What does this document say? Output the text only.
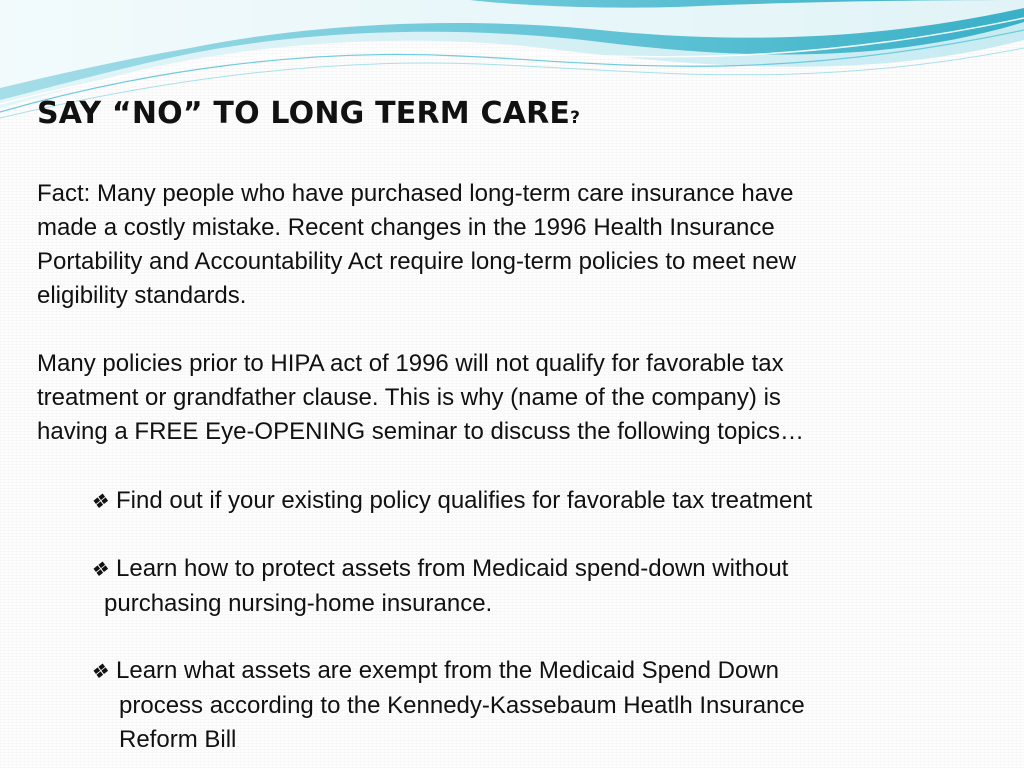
SAY “NO” TO LONG TERM CARE?

Fact: Many people who have purchased long-term care insurance have
made a costly mistake. Recent changes in the 1996 Health Insurance
Portability and Accountability Act require long-term policies to meet new
eligibility standards.

Many policies prior to HIPA act of 1996 will not qualify for favorable tax
treatment or grandfather clause. This is why (name of the company) is
having a FREE Eye-OPENING seminar to discuss the following topics…

❖ Find out if your existing policy qualifies for favorable tax treatment
❖ Learn how to protect assets from Medicaid spend-down without
purchasing nursing-home insurance.
❖ Learn what assets are exempt from the Medicaid Spend Down
process according to the Kennedy-Kassebaum Heatlh Insurance
Reform Bill
